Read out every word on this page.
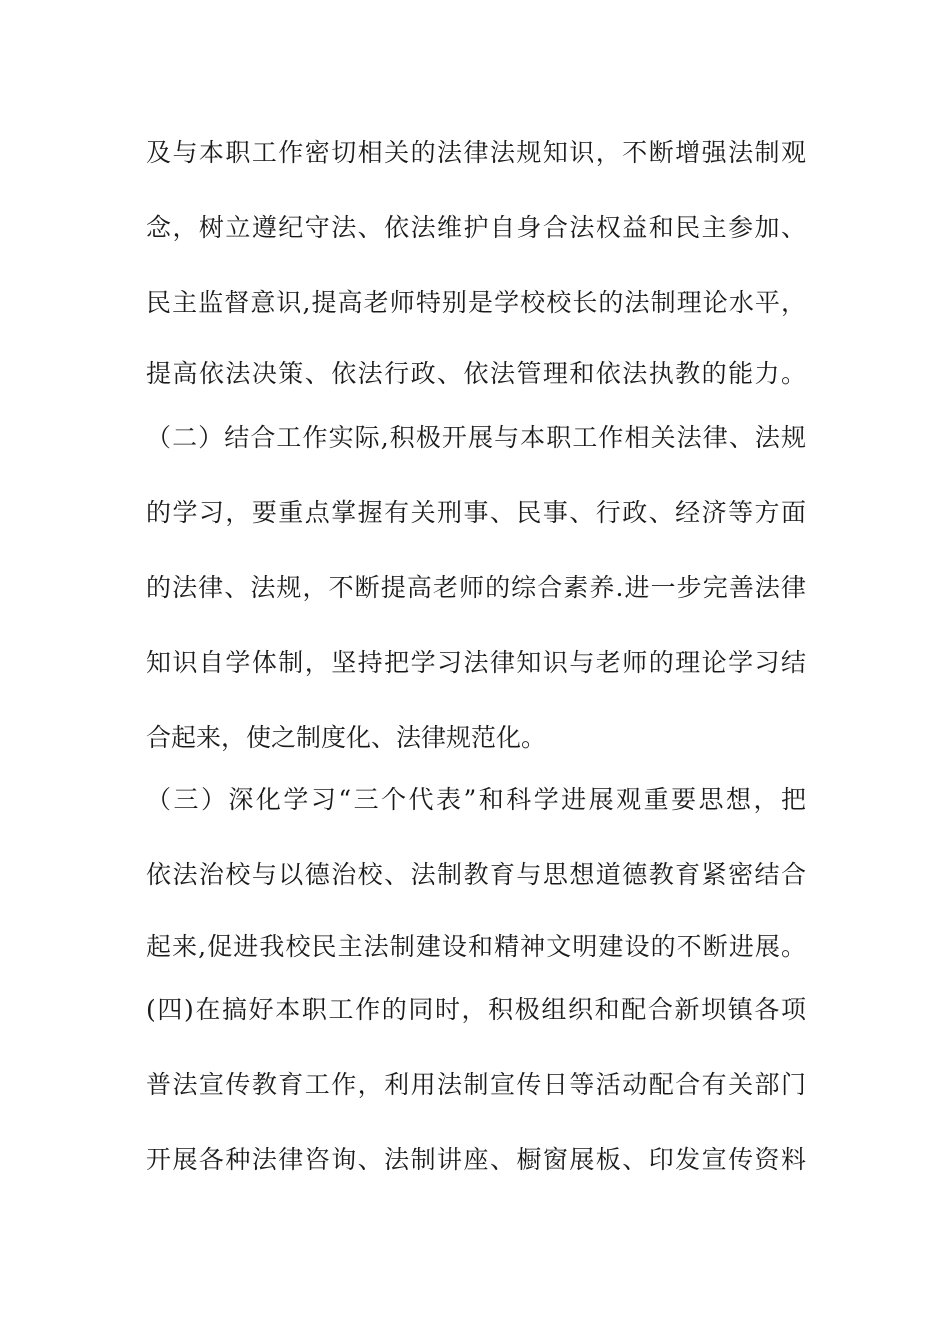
及与本职工作密切相关的法律法规知识，不断增强法制观
念，树立遵纪守法、依法维护自身合法权益和民主参加、
民主监督意识,提高老师特别是学校校长的法制理论水平，
提高依法决策、依法行政、依法管理和依法执教的能力。
（二）结合工作实际,积极开展与本职工作相关法律、法规
的学习，要重点掌握有关刑事、民事、行政、经济等方面
的法律、法规，不断提高老师的综合素养.进一步完善法律
知识自学体制，坚持把学习法律知识与老师的理论学习结
合起来，使之制度化、法律规范化。
（三）深化学习“三个代表”和科学进展观重要思想，把
依法治校与以德治校、法制教育与思想道德教育紧密结合
起来,促进我校民主法制建设和精神文明建设的不断进展。
(四)在搞好本职工作的同时，积极组织和配合新坝镇各项
普法宣传教育工作，利用法制宣传日等活动配合有关部门
开展各种法律咨询、法制讲座、橱窗展板、印发宣传资料
